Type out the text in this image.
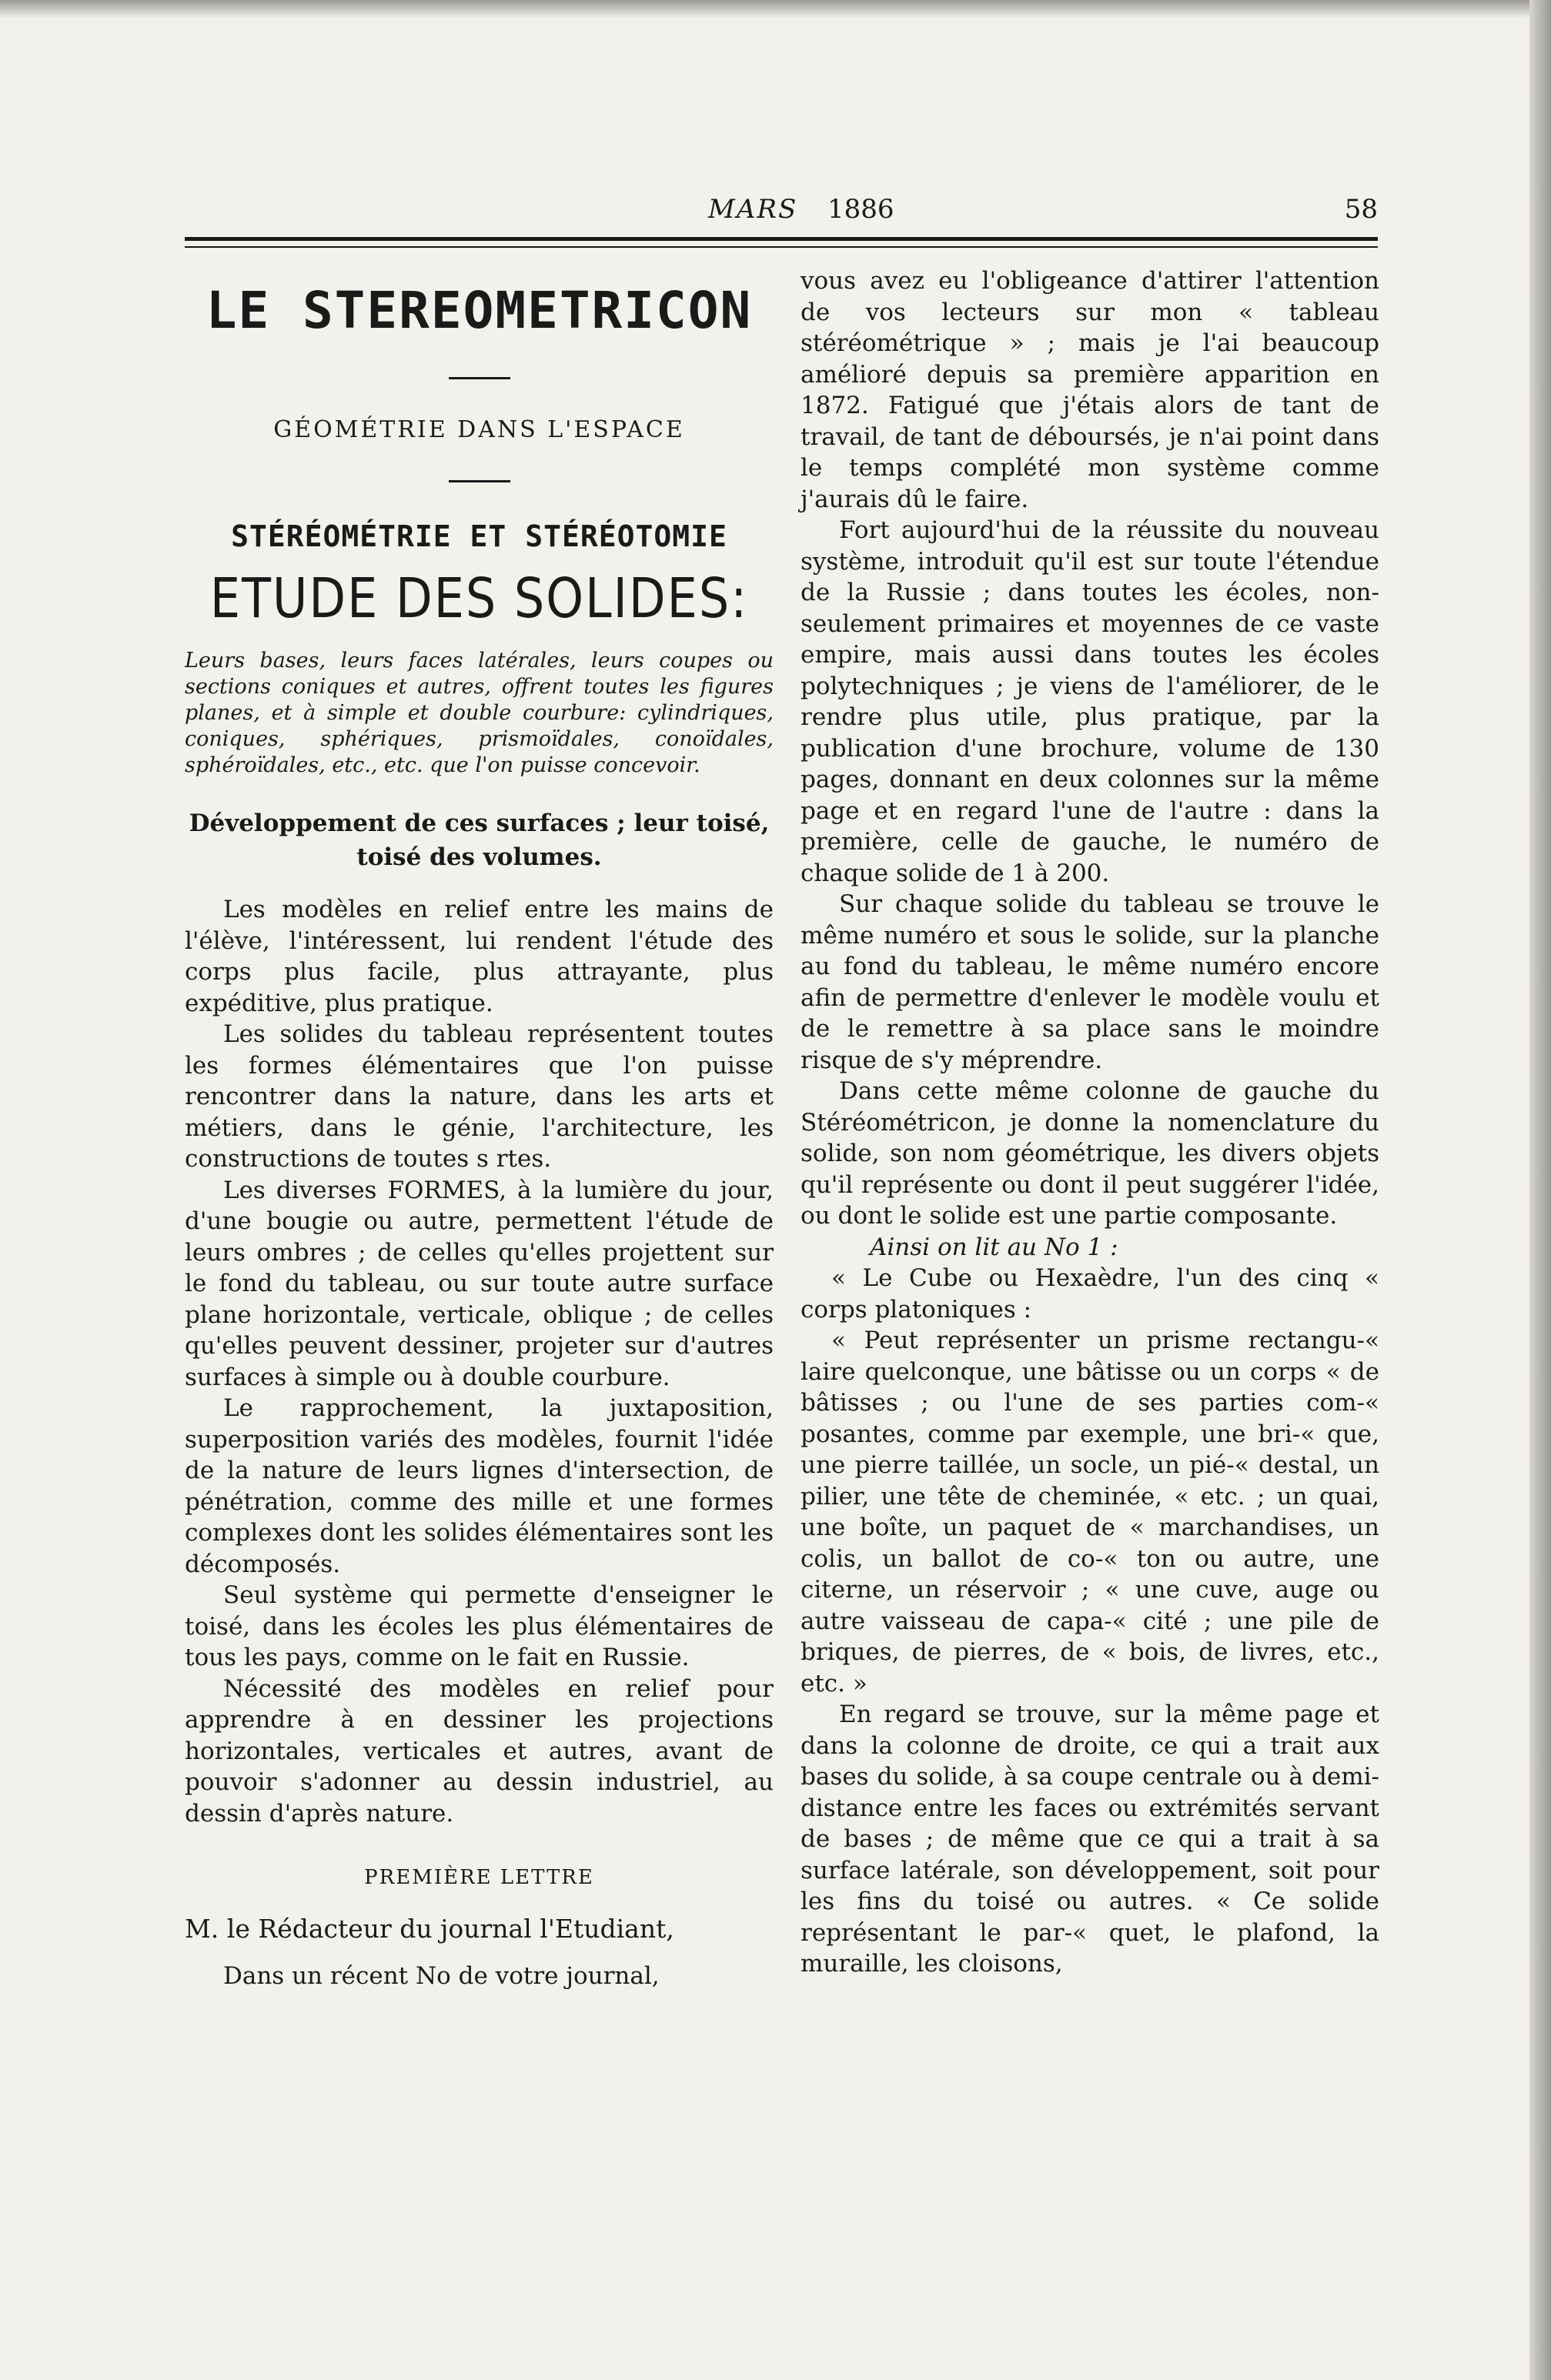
MARS 1886	58
LE STEREOMETRICON
GÉOMÉTRIE DANS L'ESPACE
STÉRÉOMÉTRIE ET STÉRÉOTOMIE
ETUDE DES SOLIDES:
Leurs bases, leurs faces latérales, leurs coupes ou sections coniques et autres, offrent toutes les figures planes, et à simple et double courbure: cylindriques, coniques, sphériques, prismoïdales, conoïdales, sphéroïdales, etc., etc. que l'on puisse concevoir.
Développement de ces surfaces ; leur toisé, toisé des volumes.

Les modèles en relief entre les mains de l'élève, l'intéressent, lui rendent l'étude des corps plus facile, plus attrayante, plus expéditive, plus pratique.

Les solides du tableau représentent toutes les formes élémentaires que l'on puisse rencontrer dans la nature, dans les arts et métiers, dans le génie, l'architecture, les constructions de toutes s rtes.

Les diverses FORMES, à la lumière du jour, d'une bougie ou autre, permettent l'étude de leurs ombres ; de celles qu'elles projettent sur le fond du tableau, ou sur toute autre surface plane horizontale, verticale, oblique ; de celles qu'elles peuvent dessiner, projeter sur d'autres surfaces à simple ou à double courbure.

Le rapprochement, la juxtaposition, superposition variés des modèles, fournit l'idée de la nature de leurs lignes d'intersection, de pénétration, comme des mille et une formes complexes dont les solides élémentaires sont les décomposés.

Seul système qui permette d'enseigner le toisé, dans les écoles les plus élémentaires de tous les pays, comme on le fait en Russie.

Nécessité des modèles en relief pour apprendre à en dessiner les projections horizontales, verticales et autres, avant de pouvoir s'adonner au dessin industriel, au dessin d'après nature.

PREMIÈRE LETTRE
M. le Rédacteur du journal l'Etudiant,

Dans un récent No de votre journal,

vous avez eu l'obligeance d'attirer l'attention de vos lecteurs sur mon « tableau stéréométrique » ; mais je l'ai beaucoup amélioré depuis sa première apparition en 1872. Fatigué que j'étais alors de tant de travail, de tant de déboursés, je n'ai point dans le temps complété mon système comme j'aurais dû le faire.

Fort aujourd'hui de la réussite du nouveau système, introduit qu'il est sur toute l'étendue de la Russie ; dans toutes les écoles, non-seulement primaires et moyennes de ce vaste empire, mais aussi dans toutes les écoles polytechniques ; je viens de l'améliorer, de le rendre plus utile, plus pratique, par la publication d'une brochure, volume de 130 pages, donnant en deux colonnes sur la même page et en regard l'une de l'autre : dans la première, celle de gauche, le numéro de chaque solide de 1 à 200.

Sur chaque solide du tableau se trouve le même numéro et sous le solide, sur la planche au fond du tableau, le même numéro encore afin de permettre d'enlever le modèle voulu et de le remettre à sa place sans le moindre risque de s'y méprendre.

Dans cette même colonne de gauche du Stéréométricon, je donne la nomenclature du solide, son nom géométrique, les divers objets qu'il représente ou dont il peut suggérer l'idée, ou dont le solide est une partie composante.

Ainsi on lit au No 1 :

« Le Cube ou Hexaèdre, l'un des cinq « corps platoniques :

« Peut représenter un prisme rectangu-« laire quelconque, une bâtisse ou un corps « de bâtisses ; ou l'une de ses parties com-« posantes, comme par exemple, une bri-« que, une pierre taillée, un socle, un pié-« destal, un pilier, une tête de cheminée, « etc. ; un quai, une boîte, un paquet de « marchandises, un colis, un ballot de co-« ton ou autre, une citerne, un réservoir ; « une cuve, auge ou autre vaisseau de capa-« cité ; une pile de briques, de pierres, de « bois, de livres, etc., etc. »

En regard se trouve, sur la même page et dans la colonne de droite, ce qui a trait aux bases du solide, à sa coupe centrale ou à demi-distance entre les faces ou extrémités servant de bases ; de même que ce qui a trait à sa surface latérale, son développement, soit pour les fins du toisé ou autres. « Ce solide représentant le par-« quet, le plafond, la muraille, les cloisons,
